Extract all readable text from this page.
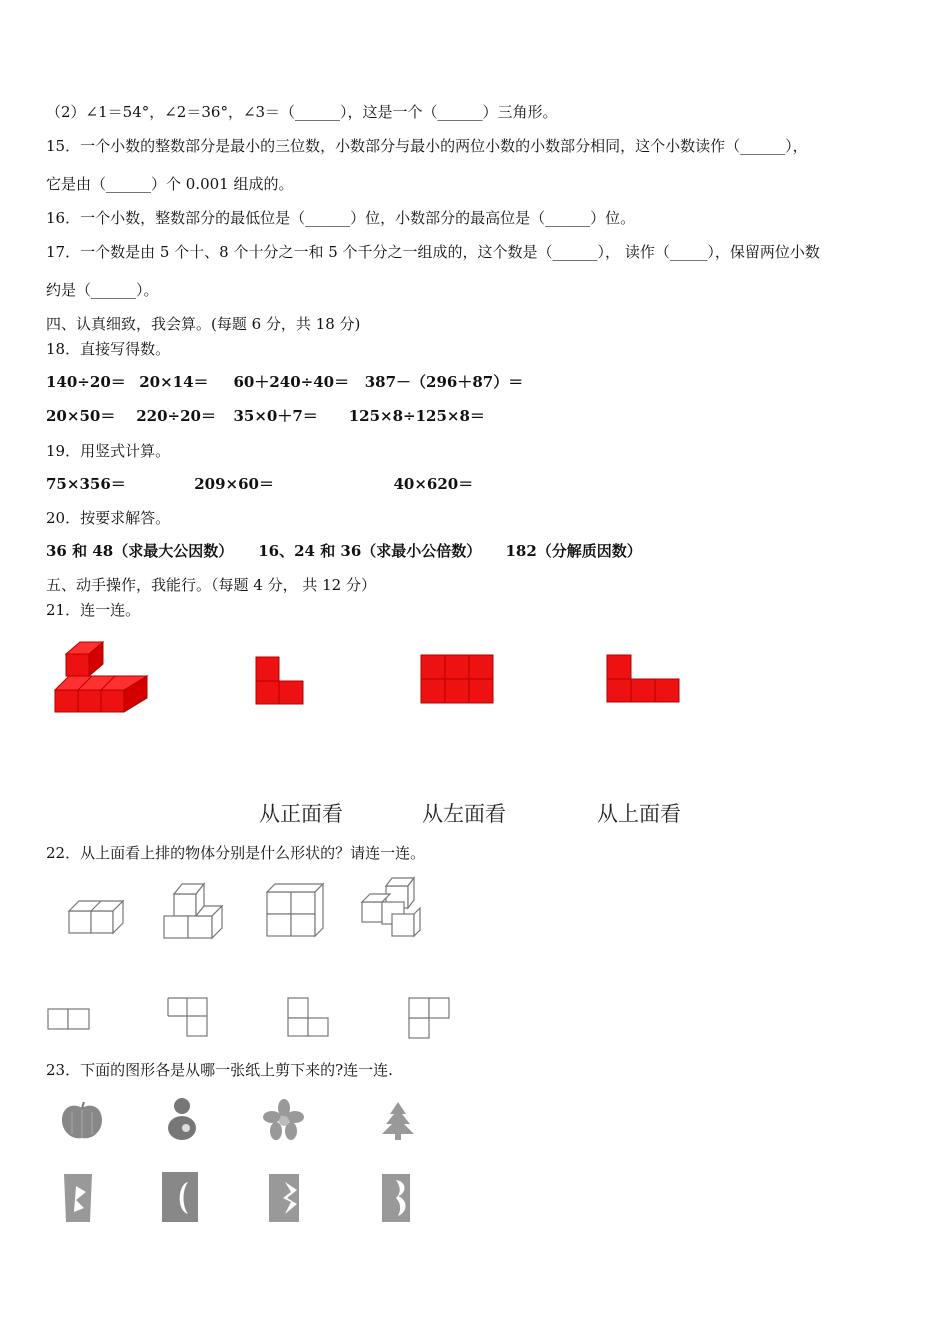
（2）∠1＝54°，∠2＝36°，∠3＝（______），这是一个（______）三角形。
15．一个小数的整数部分是最小的三位数，小数部分与最小的两位小数的小数部分相同，这个小数读作（______），
它是由（______）个 0.001 组成的。
16．一个小数，整数部分的最低位是（______）位，小数部分的最高位是（______）位。
17．一个数是由 5 个十、8 个十分之一和 5 个千分之一组成的，这个数是（______）， 读作（_____），保留两位小数
约是（______）。
四、认真细致，我会算。(每题 6 分，共 18 分)
18．直接写得数。
140÷20＝ 20×14＝ 60＋240÷40＝ 387－（296＋87）＝
20×50＝ 220÷20＝ 35×0＋7＝ 125×8÷125×8＝
19．用竖式计算。
75×356＝	209×60＝	40×620＝
20．按要求解答。
36 和 48（求最大公因数） 16、24 和 36（求最小公倍数） 182（分解质因数）
五、动手操作，我能行。（每题 4 分， 共 12 分）
21．连一连。
从正面看	从左面看	从上面看
22．从上面看上排的物体分别是什么形状的？请连一连。
23．下面的图形各是从哪一张纸上剪下来的?连一连.
